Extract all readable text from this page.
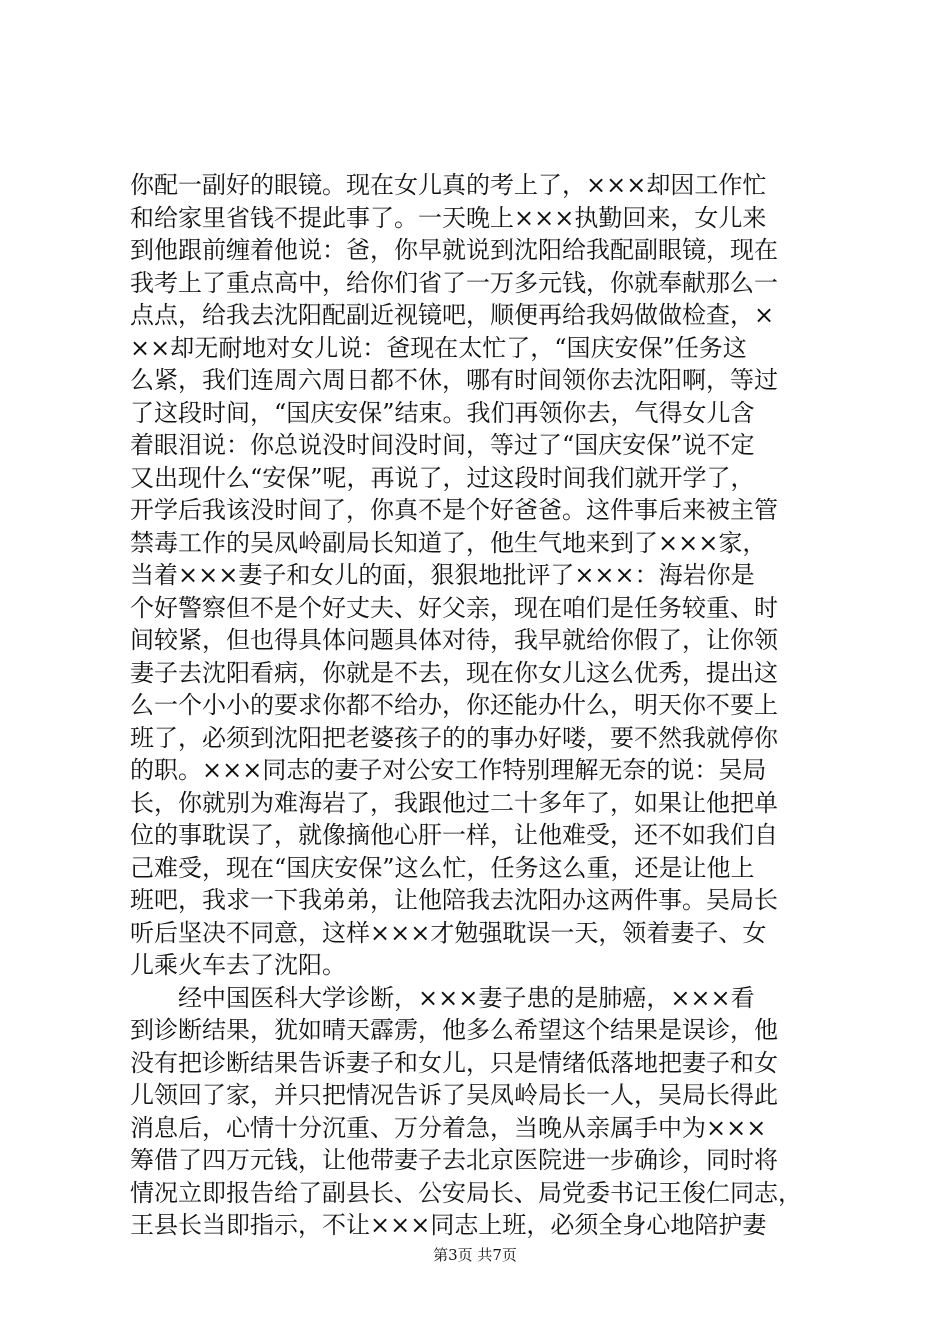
你配一副好的眼镜。现在女儿真的考上了，×××却因工作忙
和给家里省钱不提此事了。一天晚上×××执勤回来，女儿来
到他跟前缠着他说：爸，你早就说到沈阳给我配副眼镜，现在
我考上了重点高中，给你们省了一万多元钱，你就奉献那么一
点点，给我去沈阳配副近视镜吧，顺便再给我妈做做检查，×
××却无耐地对女儿说：爸现在太忙了，“国庆安保”任务这
么紧，我们连周六周日都不休，哪有时间领你去沈阳啊，等过
了这段时间，“国庆安保”结束。我们再领你去，气得女儿含
着眼泪说：你总说没时间没时间，等过了“国庆安保”说不定
又出现什么“安保”呢，再说了，过这段时间我们就开学了，
开学后我该没时间了，你真不是个好爸爸。这件事后来被主管
禁毒工作的吴凤岭副局长知道了，他生气地来到了×××家，
当着×××妻子和女儿的面，狠狠地批评了×××：海岩你是
个好警察但不是个好丈夫、好父亲，现在咱们是任务较重、时
间较紧，但也得具体问题具体对待，我早就给你假了，让你领
妻子去沈阳看病，你就是不去，现在你女儿这么优秀，提出这
么一个小小的要求你都不给办，你还能办什么，明天你不要上
班了，必须到沈阳把老婆孩子的的事办好喽，要不然我就停你
的职。×××同志的妻子对公安工作特别理解无奈的说：吴局
长，你就别为难海岩了，我跟他过二十多年了，如果让他把单
位的事耽误了，就像摘他心肝一样，让他难受，还不如我们自
己难受，现在“国庆安保”这么忙，任务这么重，还是让他上
班吧，我求一下我弟弟，让他陪我去沈阳办这两件事。吴局长
听后坚决不同意，这样×××才勉强耽误一天，领着妻子、女
儿乘火车去了沈阳。
　　经中国医科大学诊断，×××妻子患的是肺癌，×××看
到诊断结果，犹如晴天霹雳，他多么希望这个结果是误诊，他
没有把诊断结果告诉妻子和女儿，只是情绪低落地把妻子和女
儿领回了家，并只把情况告诉了吴凤岭局长一人，吴局长得此
消息后，心情十分沉重、万分着急，当晚从亲属手中为×××
筹借了四万元钱，让他带妻子去北京医院进一步确诊，同时将
情况立即报告给了副县长、公安局长、局党委书记王俊仁同志，
王县长当即指示，不让×××同志上班，必须全身心地陪护妻
第3页 共7页
